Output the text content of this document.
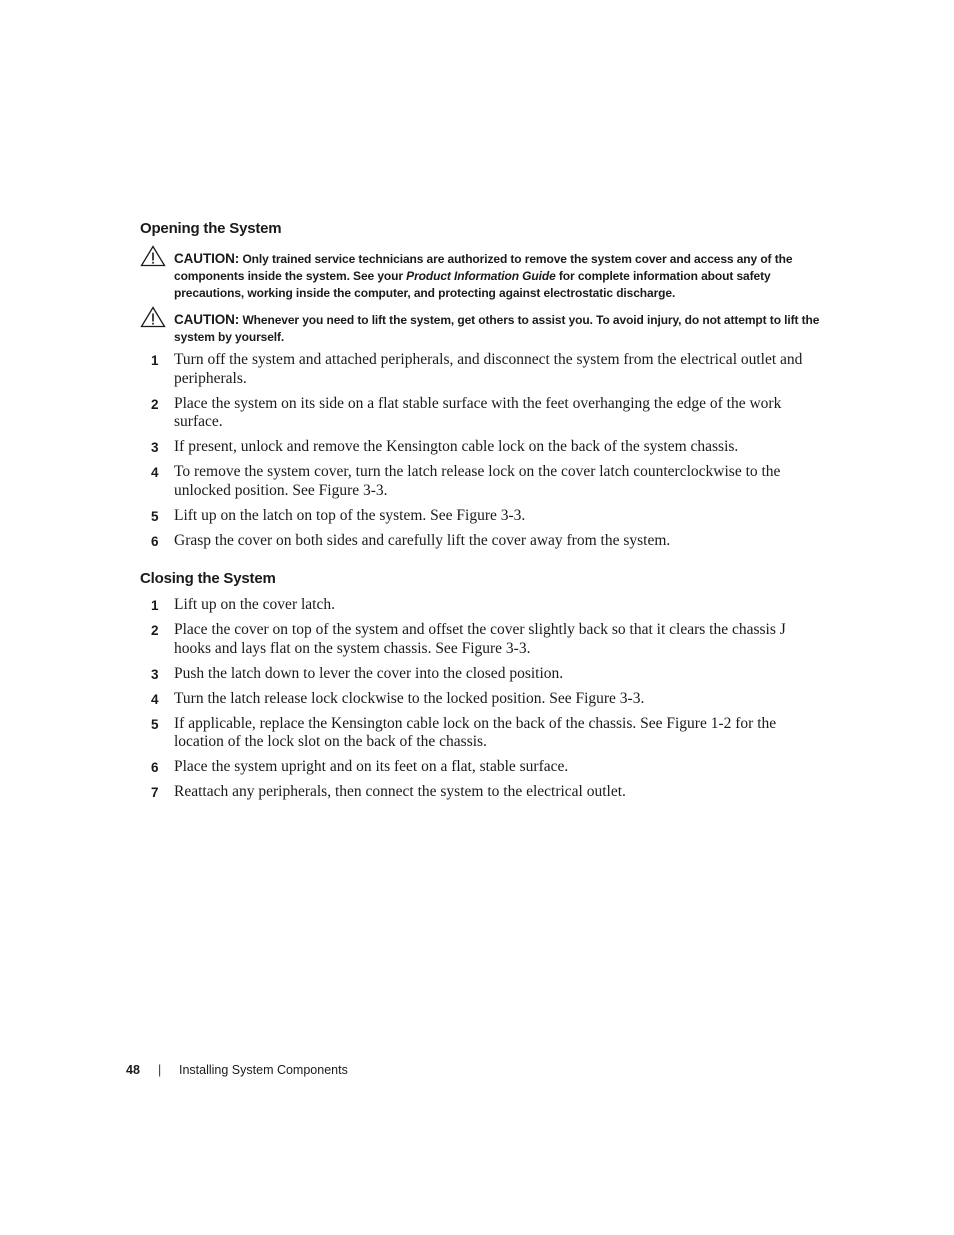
Opening the System
CAUTION: Only trained service technicians are authorized to remove the system cover and access any of the components inside the system. See your Product Information Guide for complete information about safety precautions, working inside the computer, and protecting against electrostatic discharge.
CAUTION: Whenever you need to lift the system, get others to assist you. To avoid injury, do not attempt to lift the system by yourself.
1 Turn off the system and attached peripherals, and disconnect the system from the electrical outlet and peripherals.
2 Place the system on its side on a flat stable surface with the feet overhanging the edge of the work surface.
3 If present, unlock and remove the Kensington cable lock on the back of the system chassis.
4 To remove the system cover, turn the latch release lock on the cover latch counterclockwise to the unlocked position. See Figure 3-3.
5 Lift up on the latch on top of the system. See Figure 3-3.
6 Grasp the cover on both sides and carefully lift the cover away from the system.
Closing the System
1 Lift up on the cover latch.
2 Place the cover on top of the system and offset the cover slightly back so that it clears the chassis J hooks and lays flat on the system chassis. See Figure 3-3.
3 Push the latch down to lever the cover into the closed position.
4 Turn the latch release lock clockwise to the locked position. See Figure 3-3.
5 If applicable, replace the Kensington cable lock on the back of the chassis. See Figure 1-2 for the location of the lock slot on the back of the chassis.
6 Place the system upright and on its feet on a flat, stable surface.
7 Reattach any peripherals, then connect the system to the electrical outlet.
48 | Installing System Components
